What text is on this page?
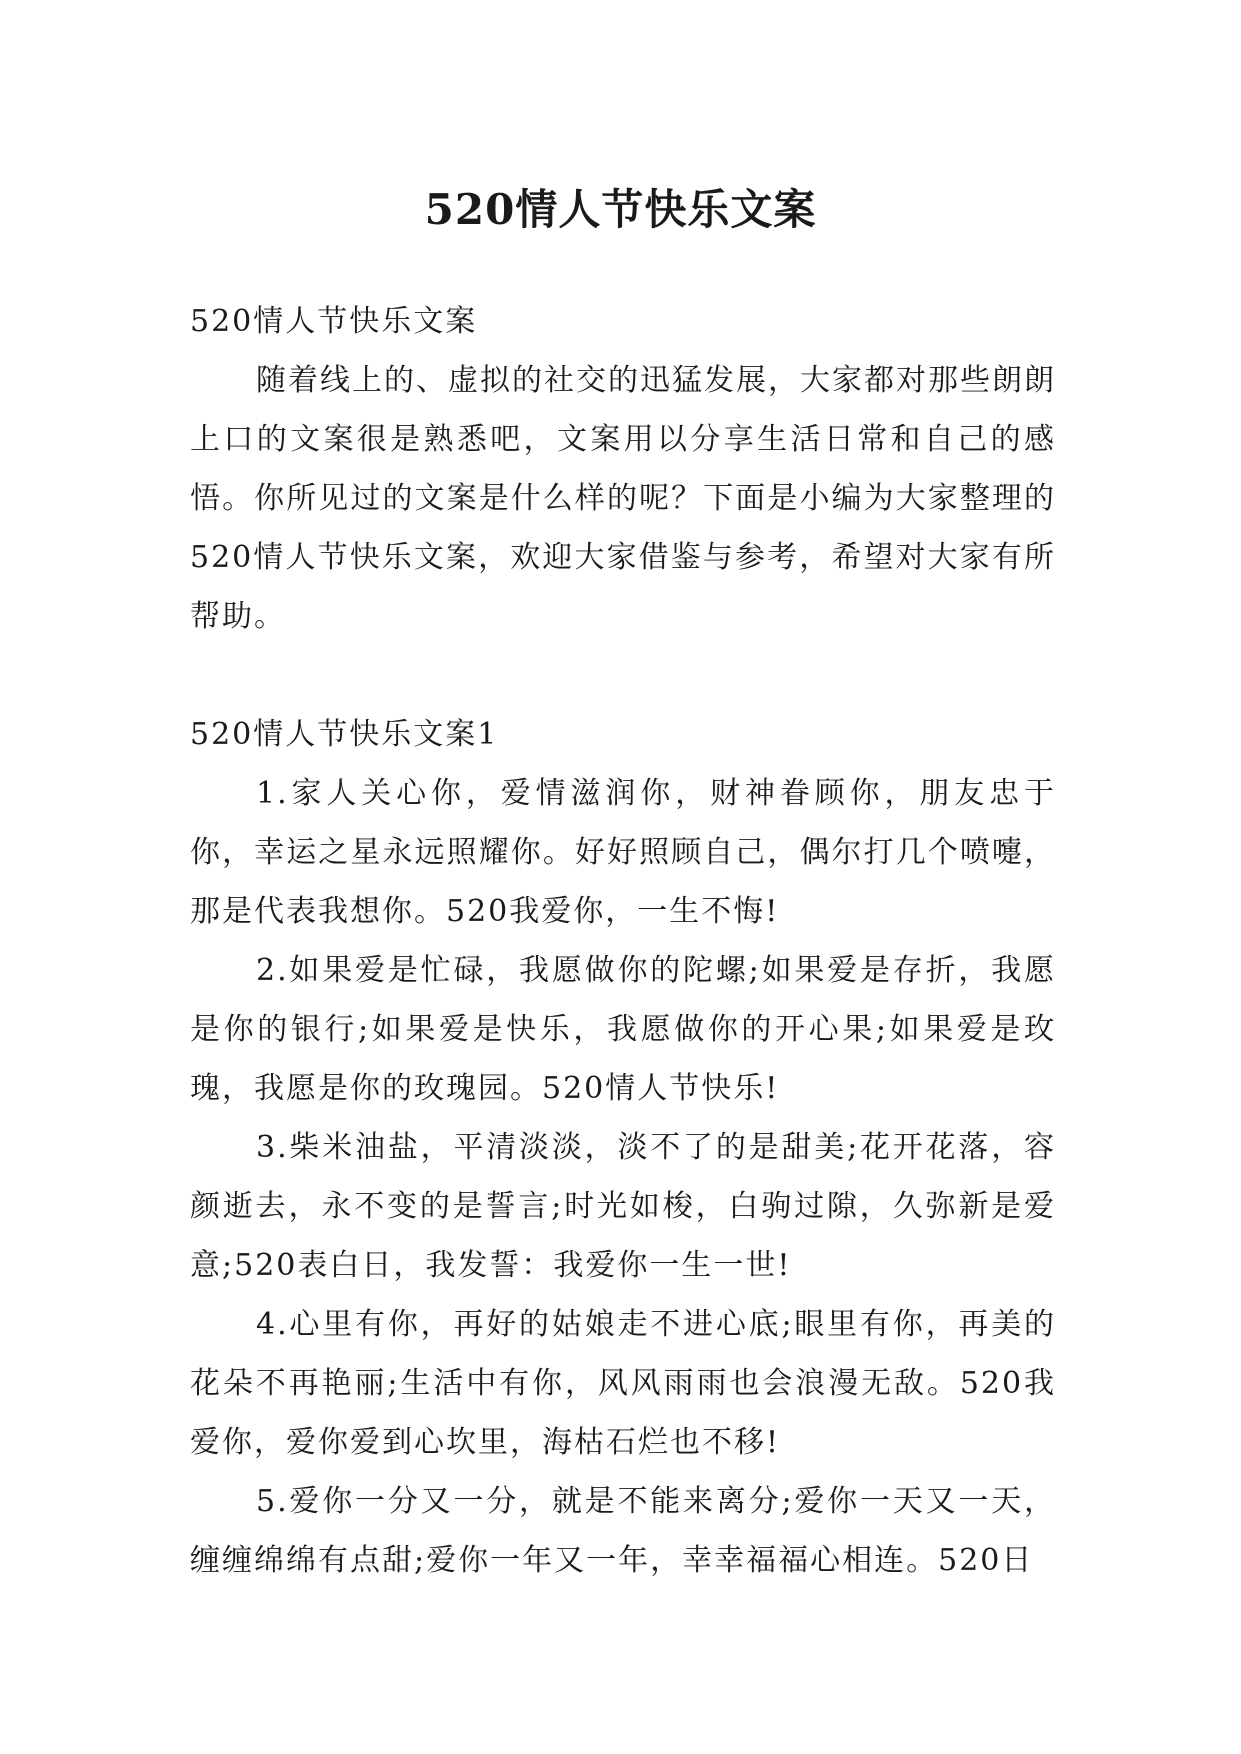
520情人节快乐文案

520情人节快乐文案

随着线上的、虚拟的社交的迅猛发展，大家都对那些朗朗上口的文案很是熟悉吧，文案用以分享生活日常和自己的感悟。你所见过的文案是什么样的呢？下面是小编为大家整理的520情人节快乐文案，欢迎大家借鉴与参考，希望对大家有所帮助。

520情人节快乐文案1

1.家人关心你，爱情滋润你，财神眷顾你，朋友忠于你，幸运之星永远照耀你。好好照顾自己，偶尔打几个喷嚏，那是代表我想你。520我爱你，一生不悔!

2.如果爱是忙碌，我愿做你的陀螺;如果爱是存折，我愿是你的银行;如果爱是快乐，我愿做你的开心果;如果爱是玫瑰，我愿是你的玫瑰园。520情人节快乐!

3.柴米油盐，平清淡淡，淡不了的是甜美;花开花落，容颜逝去，永不变的是誓言;时光如梭，白驹过隙，久弥新是爱意;520表白日，我发誓：我爱你一生一世!

4.心里有你，再好的姑娘走不进心底;眼里有你，再美的花朵不再艳丽;生活中有你，风风雨雨也会浪漫无敌。520我爱你，爱你爱到心坎里，海枯石烂也不移!

5.爱你一分又一分，就是不能来离分;爱你一天又一天，缠缠绵绵有点甜;爱你一年又一年，幸幸福福心相连。520日
